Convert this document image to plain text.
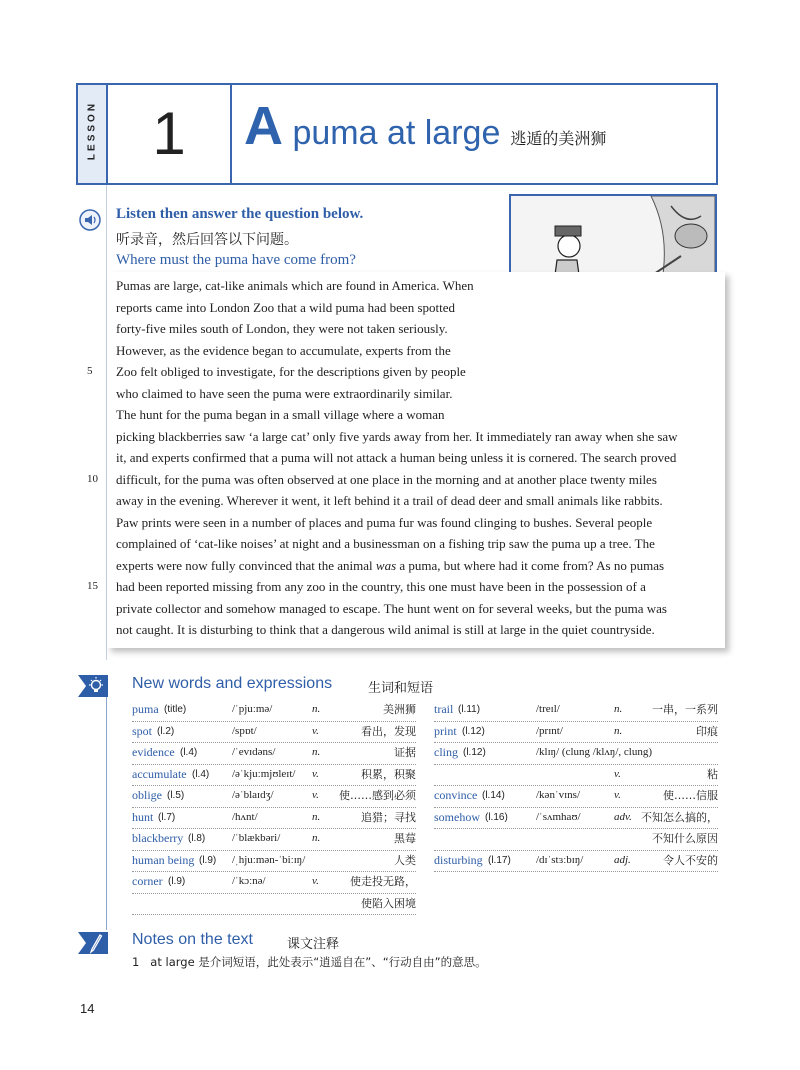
LESSON 1	A puma at large 逃遁的美洲狮
Listen then answer the question below.
听录音，然后回答以下问题。
Where must the puma have come from?
Pumas are large, cat-like animals which are found in America. When
reports came into London Zoo that a wild puma had been spotted
forty-five miles south of London, they were not taken seriously.
However, as the evidence began to accumulate, experts from the
Zoo felt obliged to investigate, for the descriptions given by people
who claimed to have seen the puma were extraordinarily similar.
The hunt for the puma began in a small village where a woman
picking blackberries saw ‘a large cat’ only five yards away from her. It immediately ran away when she saw
it, and experts confirmed that a puma will not attack a human being unless it is cornered. The search proved
difficult, for the puma was often observed at one place in the morning and at another place twenty miles
away in the evening. Wherever it went, it left behind it a trail of dead deer and small animals like rabbits.
Paw prints were seen in a number of places and puma fur was found clinging to bushes. Several people
complained of ‘cat-like noises’ at night and a businessman on a fishing trip saw the puma up a tree. The
experts were now fully convinced that the animal was a puma, but where had it come from? As no pumas
had been reported missing from any zoo in the country, this one must have been in the possession of a
private collector and somehow managed to escape. The hunt went on for several weeks, but the puma was
not caught. It is disturbing to think that a dangerous wild animal is still at large in the quiet countryside.
5
10
15
New words and expressions	生词和短语
puma (title)	/ˈpjuːmə/	n.	美洲狮
spot (l.2)	/spɒt/	v.	看出，发现
evidence (l.4)	/ˈevɪdəns/	n.	证据
accumulate (l.4) /əˈkjuːmjʊleɪt/ v.	积累，积聚
oblige (l.5)	/əˈblaɪdʒ/	v. 使……感到必须
hunt (l.7)	/hʌnt/	n.	追猎；寻找
blackberry (l.8) /ˈblækbəri/	n.	黑莓
human being (l.9) /ˌhjuːmən-ˈbiːɪŋ/	人类
corner (l.9)	/ˈkɔːnə/	v.	使走投无路，
使陷入困境
trail (l.11)	/treɪl/	n.	一串，一系列
print (l.12)	/prɪnt/	n.	印痕
cling (l.12)	/klɪŋ/ (clung /klʌŋ/, clung)
v.	粘
convince (l.14)	/kənˈvɪns/	v.	使……信服
somehow (l.16)	/ˈsʌmhaʊ/	adv. 不知怎么搞的，
不知什么原因
disturbing (l.17) /dɪˈstɜːbɪŋ/	adj.	令人不安的
Notes on the text	课文注释
1 at large 是介词短语，此处表示“逍遥自在”、“行动自由”的意思。
14
